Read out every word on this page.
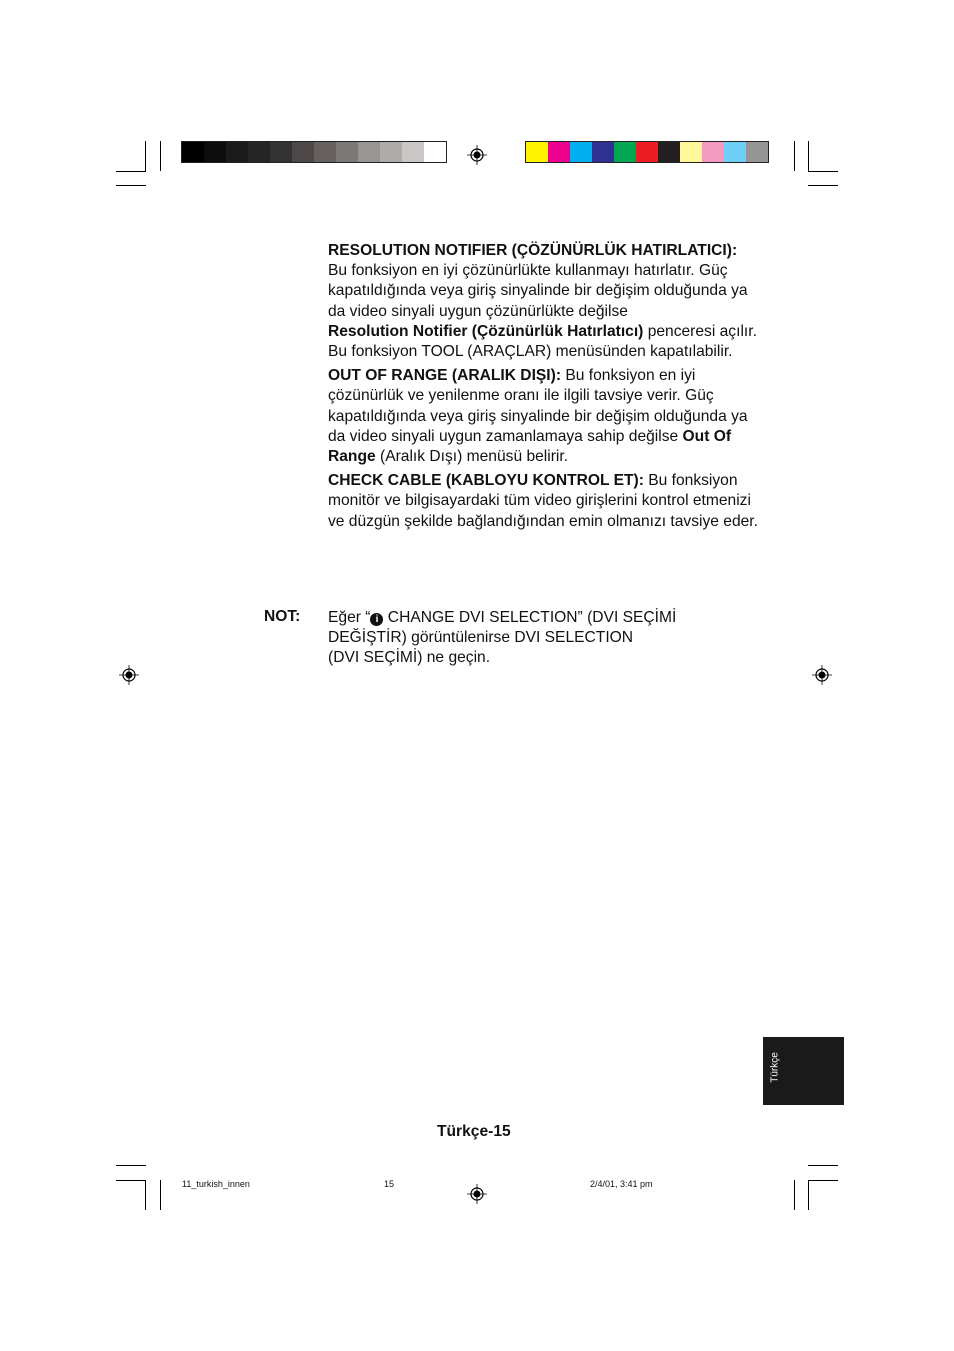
RESOLUTION NOTIFIER (ÇÖZÜNÜRLÜK HATIRLATICI): Bu fonksiyon en iyi çözünürlükte kullanmayı hatırlatır. Güç kapatıldığında veya giriş sinyalinde bir değişim olduğunda ya da video sinyali uygun çözünürlükte değilse
Resolution Notifier (Çözünürlük Hatırlatıcı) penceresi açılır. Bu fonksiyon TOOL (ARAÇLAR) menüsünden kapatılabilir.

OUT OF RANGE (ARALIK DIŞI): Bu fonksiyon en iyi çözünürlük ve yenilenme oranı ile ilgili tavsiye verir. Güç kapatıldığında veya giriş sinyalinde bir değişim olduğunda ya da video sinyali uygun zamanlamaya sahip değilse Out Of Range (Aralık Dışı) menüsü belirir.

CHECK CABLE (KABLOYU KONTROL ET): Bu fonksiyon monitör ve bilgisayardaki tüm video girişlerini kontrol etmenizi ve düzgün şekilde bağlandığından emin olmanızı tavsiye eder.

NOT: Eğer “ i CHANGE DVI SELECTION” (DVI SEÇİMİ
DEĞİŞTİR) görüntülenirse DVI SELECTION
(DVI SEÇİMİ) ne geçin.
Türkçe
Türkçe-15
11_turkish_innen	15	2/4/01, 3:41 pm
